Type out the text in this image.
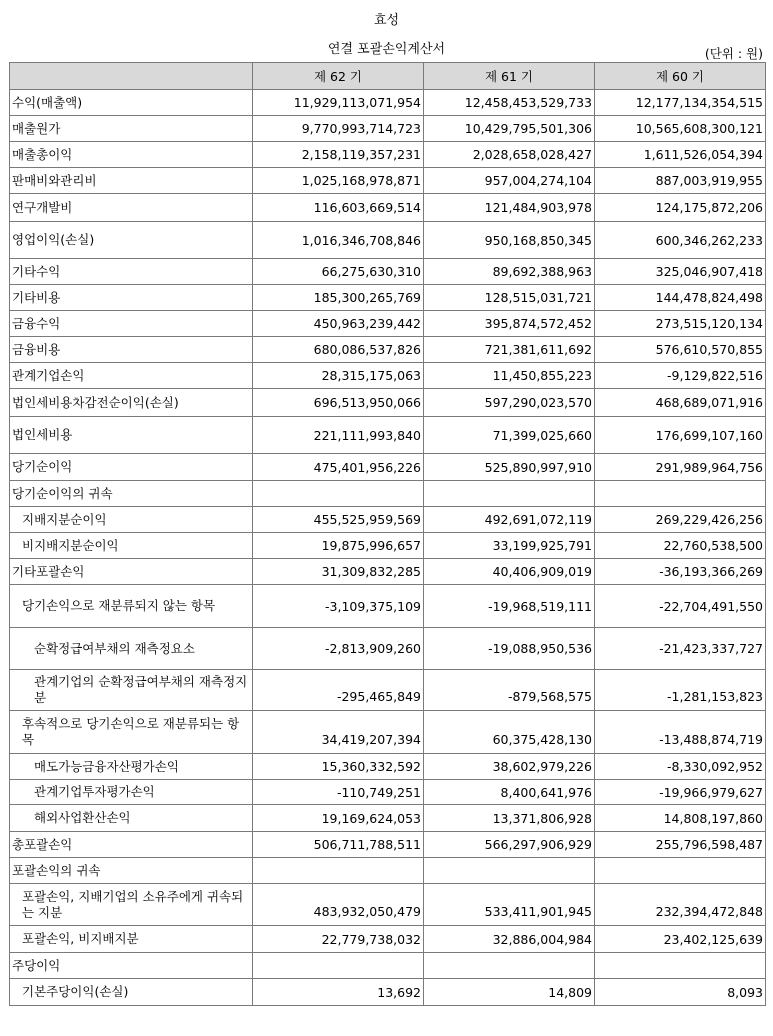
효성
연결 포괄손익계산서	(단위 : 원)
	제 62 기	제 61 기	제 60 기
수익(매출액)	11,929,113,071,954	12,458,453,529,733	12,177,134,354,515
매출원가	9,770,993,714,723	10,429,795,501,306	10,565,608,300,121
매출총이익	2,158,119,357,231	2,028,658,028,427	1,611,526,054,394
판매비와관리비	1,025,168,978,871	957,004,274,104	887,003,919,955
연구개발비	116,603,669,514	121,484,903,978	124,175,872,206
영업이익(손실)	1,016,346,708,846	950,168,850,345	600,346,262,233
기타수익	66,275,630,310	89,692,388,963	325,046,907,418
기타비용	185,300,265,769	128,515,031,721	144,478,824,498
금융수익	450,963,239,442	395,874,572,452	273,515,120,134
금융비용	680,086,537,826	721,381,611,692	576,610,570,855
관계기업손익	28,315,175,063	11,450,855,223	-9,129,822,516
법인세비용차감전순이익(손실)	696,513,950,066	597,290,023,570	468,689,071,916
법인세비용	221,111,993,840	71,399,025,660	176,699,107,160
당기순이익	475,401,956,226	525,890,997,910	291,989,964,756
당기순이익의 귀속			
지배지분순이익	455,525,959,569	492,691,072,119	269,229,426,256
비지배지분순이익	19,875,996,657	33,199,925,791	22,760,538,500
기타포괄손익	31,309,832,285	40,406,909,019	-36,193,366,269
당기손익으로 재분류되지 않는 항목	-3,109,375,109	-19,968,519,111	-22,704,491,550
순확정급여부채의 재측정요소	-2,813,909,260	-19,088,950,536	-21,423,337,727
관계기업의 순확정급여부채의 재측정지분	-295,465,849	-879,568,575	-1,281,153,823
후속적으로 당기손익으로 재분류되는 항목	34,419,207,394	60,375,428,130	-13,488,874,719
매도가능금융자산평가손익	15,360,332,592	38,602,979,226	-8,330,092,952
관계기업투자평가손익	-110,749,251	8,400,641,976	-19,966,979,627
해외사업환산손익	19,169,624,053	13,371,806,928	14,808,197,860
총포괄손익	506,711,788,511	566,297,906,929	255,796,598,487
포괄손익의 귀속			
포괄손익, 지배기업의 소유주에게 귀속되는 지분	483,932,050,479	533,411,901,945	232,394,472,848
포괄손익, 비지배지분	22,779,738,032	32,886,004,984	23,402,125,639
주당이익			
기본주당이익(손실)	13,692	14,809	8,093
